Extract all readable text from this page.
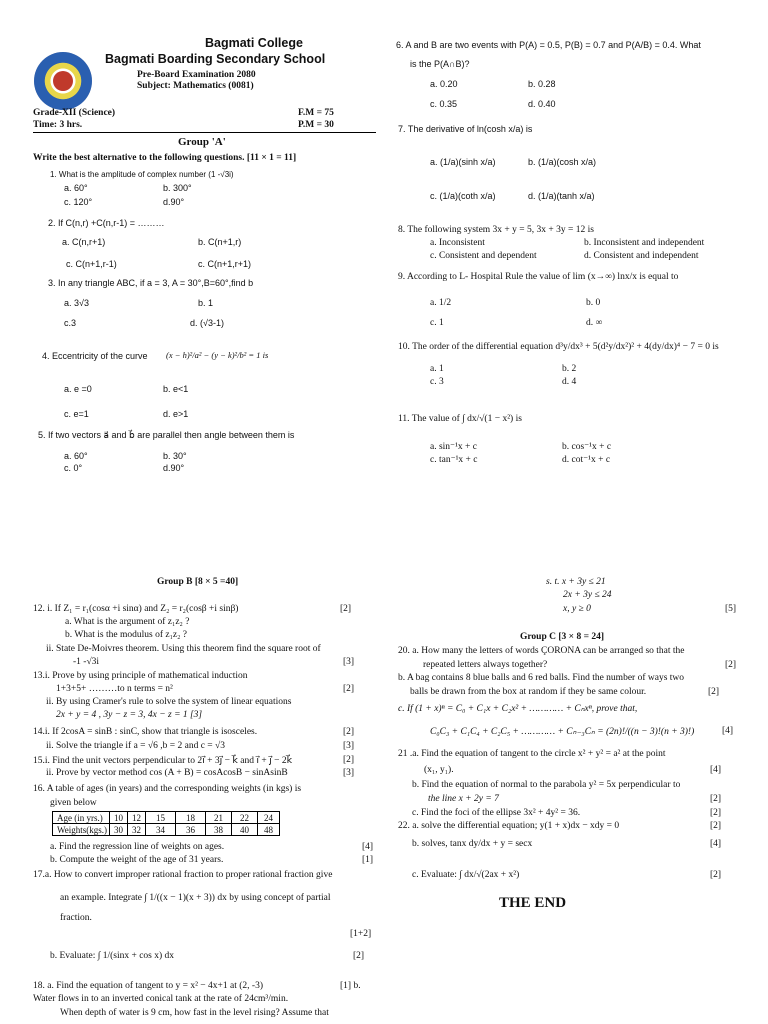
Bagmati College
Bagmati Boarding Secondary School
Pre-Board Examination 2080
Subject: Mathematics (0081)
Grade-XII (Science)
Time: 3 hrs.
F.M = 75
P.M = 30
Group 'A'
Write the best alternative to the following questions. [11 × 1 = 11]
1. What is the amplitude of complex number (1 -√3i)
a. 60°	b. 300°
c. 120°	d.90°
2. If C(n,r) +C(n,r-1) = ………
a. C(n,r+1)	b. C(n+1,r)
c. C(n+1,r-1)	c. C(n+1,r+1)
3. In any triangle ABC, if a = 3, A = 30°,B=60°,find b
a. 3√3	b. 1
c.3	d. (√3-1)
4. Eccentricity of the curve (x − h)²/a² − (y − k)²/b² = 1 is
a. e =0	b. e<1
c. e=1	d. e>1
5. If two vectors a⃗ and b⃗ are parallel then angle between them is
a. 60°	b. 30°
c. 0°	d.90°
6. A and B are two events with P(A) = 0.5, P(B) = 0.7 and P(A/B) = 0.4. What
is the P(A∩B)?
a. 0.20	b. 0.28
c. 0.35	d. 0.40
7. The derivative of ln(cosh x/a) is
a. (1/a)(sinh x/a)	b. (1/a)(cosh x/a)
c. (1/a)(coth x/a)	d. (1/a)(tanh x/a)
8. The following system 3x + y = 5, 3x + 3y = 12 is
a. Inconsistent	b. Inconsistent and independent
c. Consistent and dependent	d. Consistent and independent
9. According to L- Hospital Rule the value of lim (x→∞) lnx/x is equal to
a. 1/2	b. 0
c. 1	d. ∞
10. The order of the differential equation d³y/dx³ + 5(d²y/dx²)² + 4(dy/dx)⁴ − 7 = 0 is
a. 1	b. 2
c. 3	d. 4
11. The value of ∫ dx/√(1 − x²) is
a. sin⁻¹x + c	b. cos⁻¹x + c
c. tan⁻¹x + c	d. cot⁻¹x + c
Group B [8 × 5 =40]
12. i. If Z₁ = r₁(cosα +i sinα) and Z₂ = r₂(cosβ +i sinβ)	[2]
a. What is the argument of z₁z₂ ?
b. What is the modulus of z₁z₂ ?
ii. State De-Moivres theorem. Using this theorem find the square root of
-1 -√3i	[3]
13.i. Prove by using principle of mathematical induction
1+3+5+ ………to n terms = n²	[2]
ii. By using Cramer's rule to solve the system of linear equations
2x + y = 4 , 3y − z = 3, 4x − z = 1 [3]
14.i. If 2cosA = sinB : sinC, show that triangle is isosceles.	[2]
ii. Solve the triangle if a = √6 ,b = 2 and c = √3	[3]
15.i. Find the unit vectors perpendicular to 2i⃗ + 3j⃗ − k⃗ and i⃗ + j⃗ − 2k⃗	[2]
ii. Prove by vector method cos (A + B) = cosAcosB − sinAsinB	[3]
16. A table of ages (in years) and the corresponding weights (in kgs) is
given below
Age (in yrs.)	10	12	15	18	21	22	24
Weights(kgs.)	30	32	34	36	38	40	48
a. Find the regression line of weights on ages.	[4]
b. Compute the weight of the age of 31 years.	[1]
17.a. How to convert improper rational fraction to proper rational fraction give
an example. Integrate ∫ 1/((x − 1)(x + 3)) dx by using concept of partial
fraction.
[1+2]
b. Evaluate: ∫ 1/(sinx + cos x) dx	[2]
18. a. Find the equation of tangent to y = x² − 4x+1 at (2, -3)	[1] b.
Water flows in to an inverted conical tank at the rate of 24cm³/min.
When depth of water is 9 cm, how fast in the level rising? Assume that
s. t. x + 3y ≤ 21
2x + 3y ≤ 24
x, y ≥ 0	[5]
Group C [3 × 8 = 24]
20. a. How many the letters of words ÇORONA can be arranged so that the
repeated letters always together?	[2]
b. A bag contains 8 blue balls and 6 red balls. Find the number of ways two
balls be drawn from the box at random if they be same colour.	[2]
c. If (1 + x)ⁿ = C₀ + C₁x + C₂x² + ………… + Cₙxⁿ, prove that,
C₀C₃ + C₁C₄ + C₂C₅ + ………… + Cₙ₋₃Cₙ = (2n)!/((n − 3)!(n + 3)!)	[4]
21 .a. Find the equation of tangent to the circle x² + y² = a² at the point
(x₁, y₁).	[4]
b. Find the equation of normal to the parabola y² = 5x perpendicular to
the line x + 2y = 7	[2]
c. Find the foci of the ellipse 3x² + 4y² = 36.	[2]
22. a. solve the differential equation; y(1 + x)dx − xdy = 0	[2]
b. solves, tanx dy/dx + y = secx	[4]
c. Evaluate: ∫ dx/√(2ax + x²)	[2]
THE END
